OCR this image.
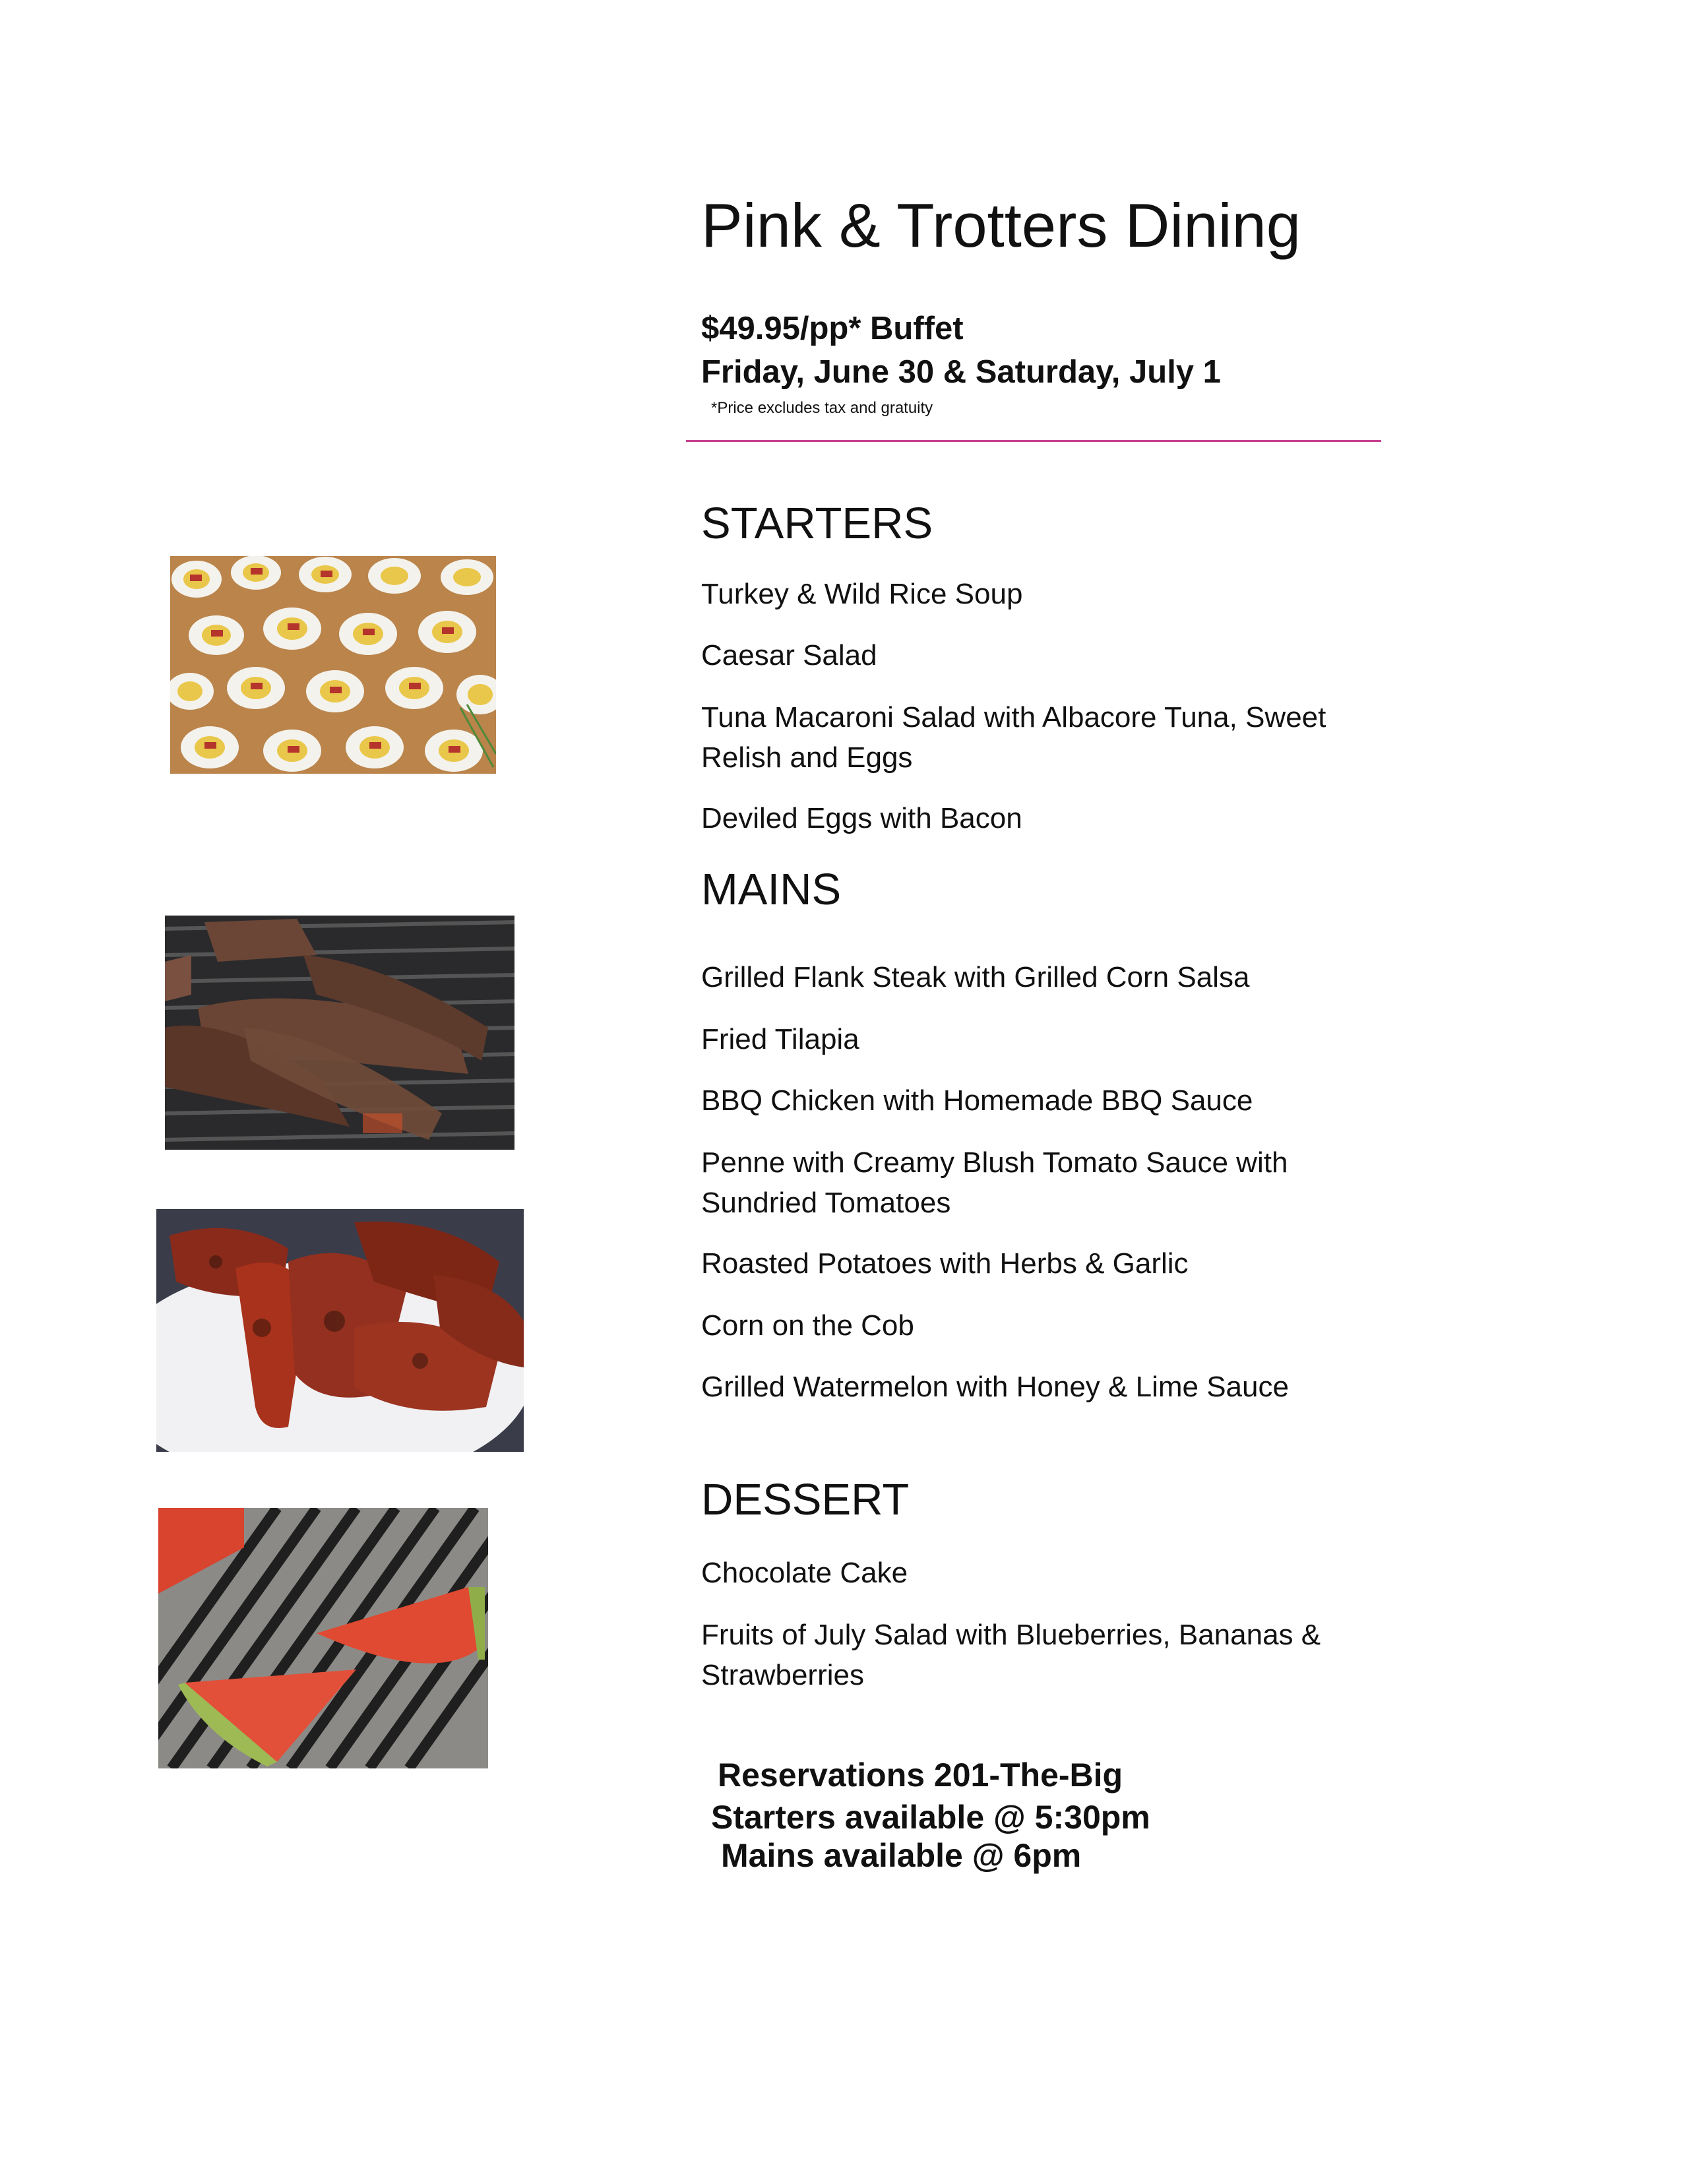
Pink & Trotters Dining
$49.95/pp* Buffet
Friday, June 30 & Saturday, July 1
*Price excludes tax and gratuity
STARTERS
Turkey & Wild Rice Soup
Caesar Salad
Tuna Macaroni Salad with Albacore Tuna, Sweet Relish and Eggs
Deviled Eggs with Bacon
MAINS
Grilled Flank Steak with Grilled Corn Salsa
Fried Tilapia
BBQ Chicken with Homemade BBQ Sauce
Penne with Creamy Blush Tomato Sauce with Sundried Tomatoes
Roasted Potatoes with Herbs & Garlic
Corn on the Cob
Grilled Watermelon with Honey & Lime Sauce
DESSERT
Chocolate Cake
Fruits of July Salad with Blueberries, Bananas & Strawberries
Reservations 201-The-Big
Starters available @ 5:30pm
Mains available @ 6pm
